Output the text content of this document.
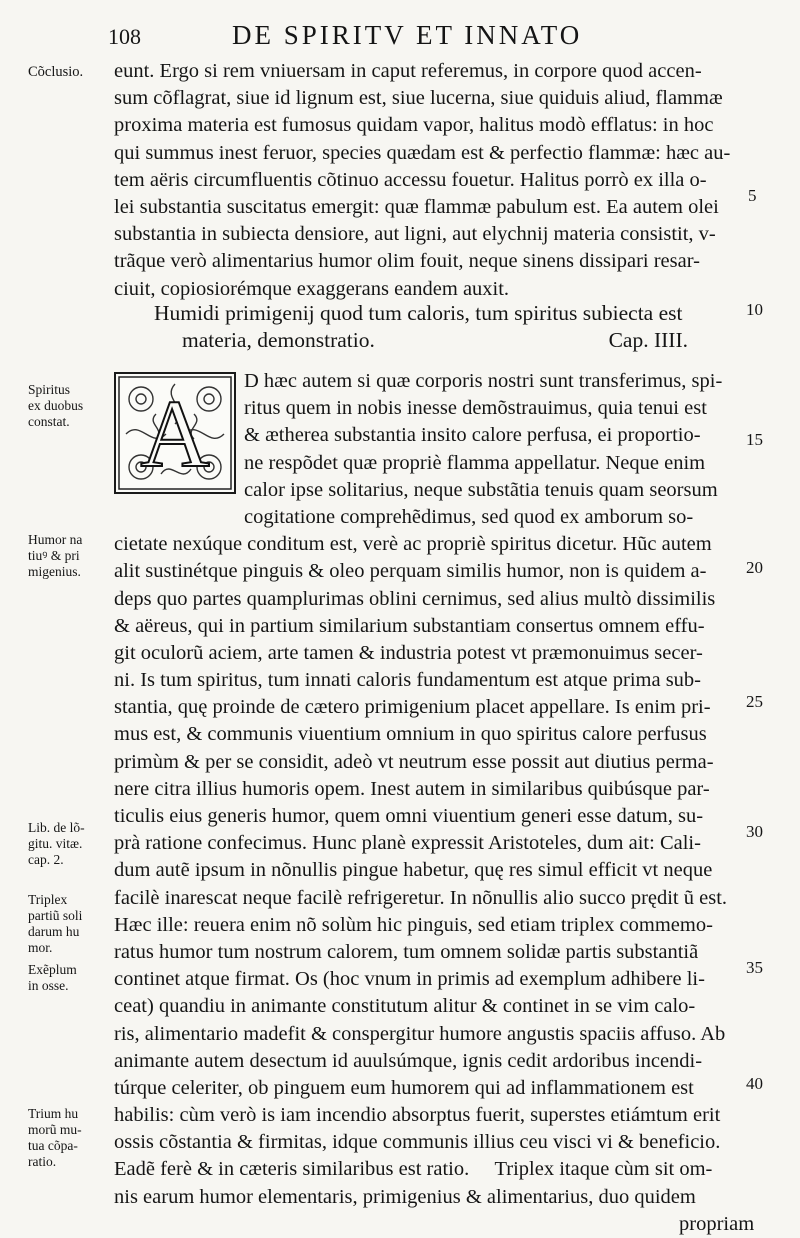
108	DE SPIRITV ET INNATO
Cõclusio.
Spiritus
ex duobus
constat.
Humor na
tiuꝰ & pri
migenius.
Lib. de lõ-
gitu. vitæ.
cap. 2.
Triplex
partiũ soli
darum hu
mor.
Exẽplum
in osse.
Trium hu
morũ mu-
tua cõpa-
ratio.
5
10
15
20
25
30
35
40
eunt. Ergo si rem vniuersam in caput referemus, in corpore quod accen-
sum cõflagrat, siue id lignum est, siue lucerna, siue quiduis aliud, flammæ
proxima materia est fumosus quidam vapor, halitus modò efflatus: in hoc
qui summus inest feruor, species quædam est & perfectio flammæ: hæc au-
tem aëris circumfluentis cõtinuo accessu fouetur. Halitus porrò ex illa o-
lei substantia suscitatus emergit: quæ flammæ pabulum est. Ea autem olei
substantia in subiecta densiore, aut ligni, aut elychnij materia consistit, v-
trãque verò alimentarius humor olim fouit, neque sinens dissipari resar-
ciuit, copiosiorémque exaggerans eandem auxit.
Humidi primigenij quod tum caloris, tum spiritus subiecta est
materia, demonstratio.	Cap. IIII.
A	D hæc autem si quæ corporis nostri sunt transferimus, spi-
ritus quem in nobis inesse demõstrauimus, quia tenui est
& ætherea substantia insito calore perfusa, ei proportio-
ne respõdet quæ propriè flamma appellatur. Neque enim
calor ipse solitarius, neque substãtia tenuis quam seorsum
cogitatione comprehẽdimus, sed quod ex amborum so-
cietate nexúque conditum est, verè ac propriè spiritus dicetur. Hũc autem
alit sustinétque pinguis & oleo perquam similis humor, non is quidem a-
deps quo partes quamplurimas oblini cernimus, sed alius multò dissimilis
& aëreus, qui in partium similarium substantiam consertus omnem effu-
git oculorũ aciem, arte tamen & industria potest vt præmonuimus secer-
ni. Is tum spiritus, tum innati caloris fundamentum est atque prima sub-
stantia, quę proinde de cætero primigenium placet appellare. Is enim pri-
mus est, & communis viuentium omnium in quo spiritus calore perfusus
primùm & per se considit, adeò vt neutrum esse possit aut diutius perma-
nere citra illius humoris opem. Inest autem in similaribus quibúsque par-
ticulis eius generis humor, quem omni viuentium generi esse datum, su-
prà ratione confecimus. Hunc planè expressit Aristoteles, dum ait: Cali-
dum autẽ ipsum in nõnullis pingue habetur, quę res simul efficit vt neque
facilè inarescat neque facilè refrigeretur. In nõnullis alio succo prędit ũ est.
Hæc ille: reuera enim nõ solùm hic pinguis, sed etiam triplex commemo-
ratus humor tum nostrum calorem, tum omnem solidæ partis substantiã
continet atque firmat. Os (hoc vnum in primis ad exemplum adhibere li-
ceat) quandiu in animante constitutum alitur & continet in se vim calo-
ris, alimentario madefit & conspergitur humore angustis spaciis affuso. Ab
animante autem desectum id auulsúmque, ignis cedit ardoribus incendi-
túrque celeriter, ob pinguem eum humorem qui ad inflammationem est
habilis: cùm verò is iam incendio absorptus fuerit, superstes etiámtum erit
ossis cõstantia & firmitas, idque communis illius ceu visci vi & beneficio.
Eadẽ ferè & in cæteris similaribus est ratio.     Triplex itaque cùm sit om-
nis earum humor elementaris, primigenius & alimentarius, duo quidem
propriam
